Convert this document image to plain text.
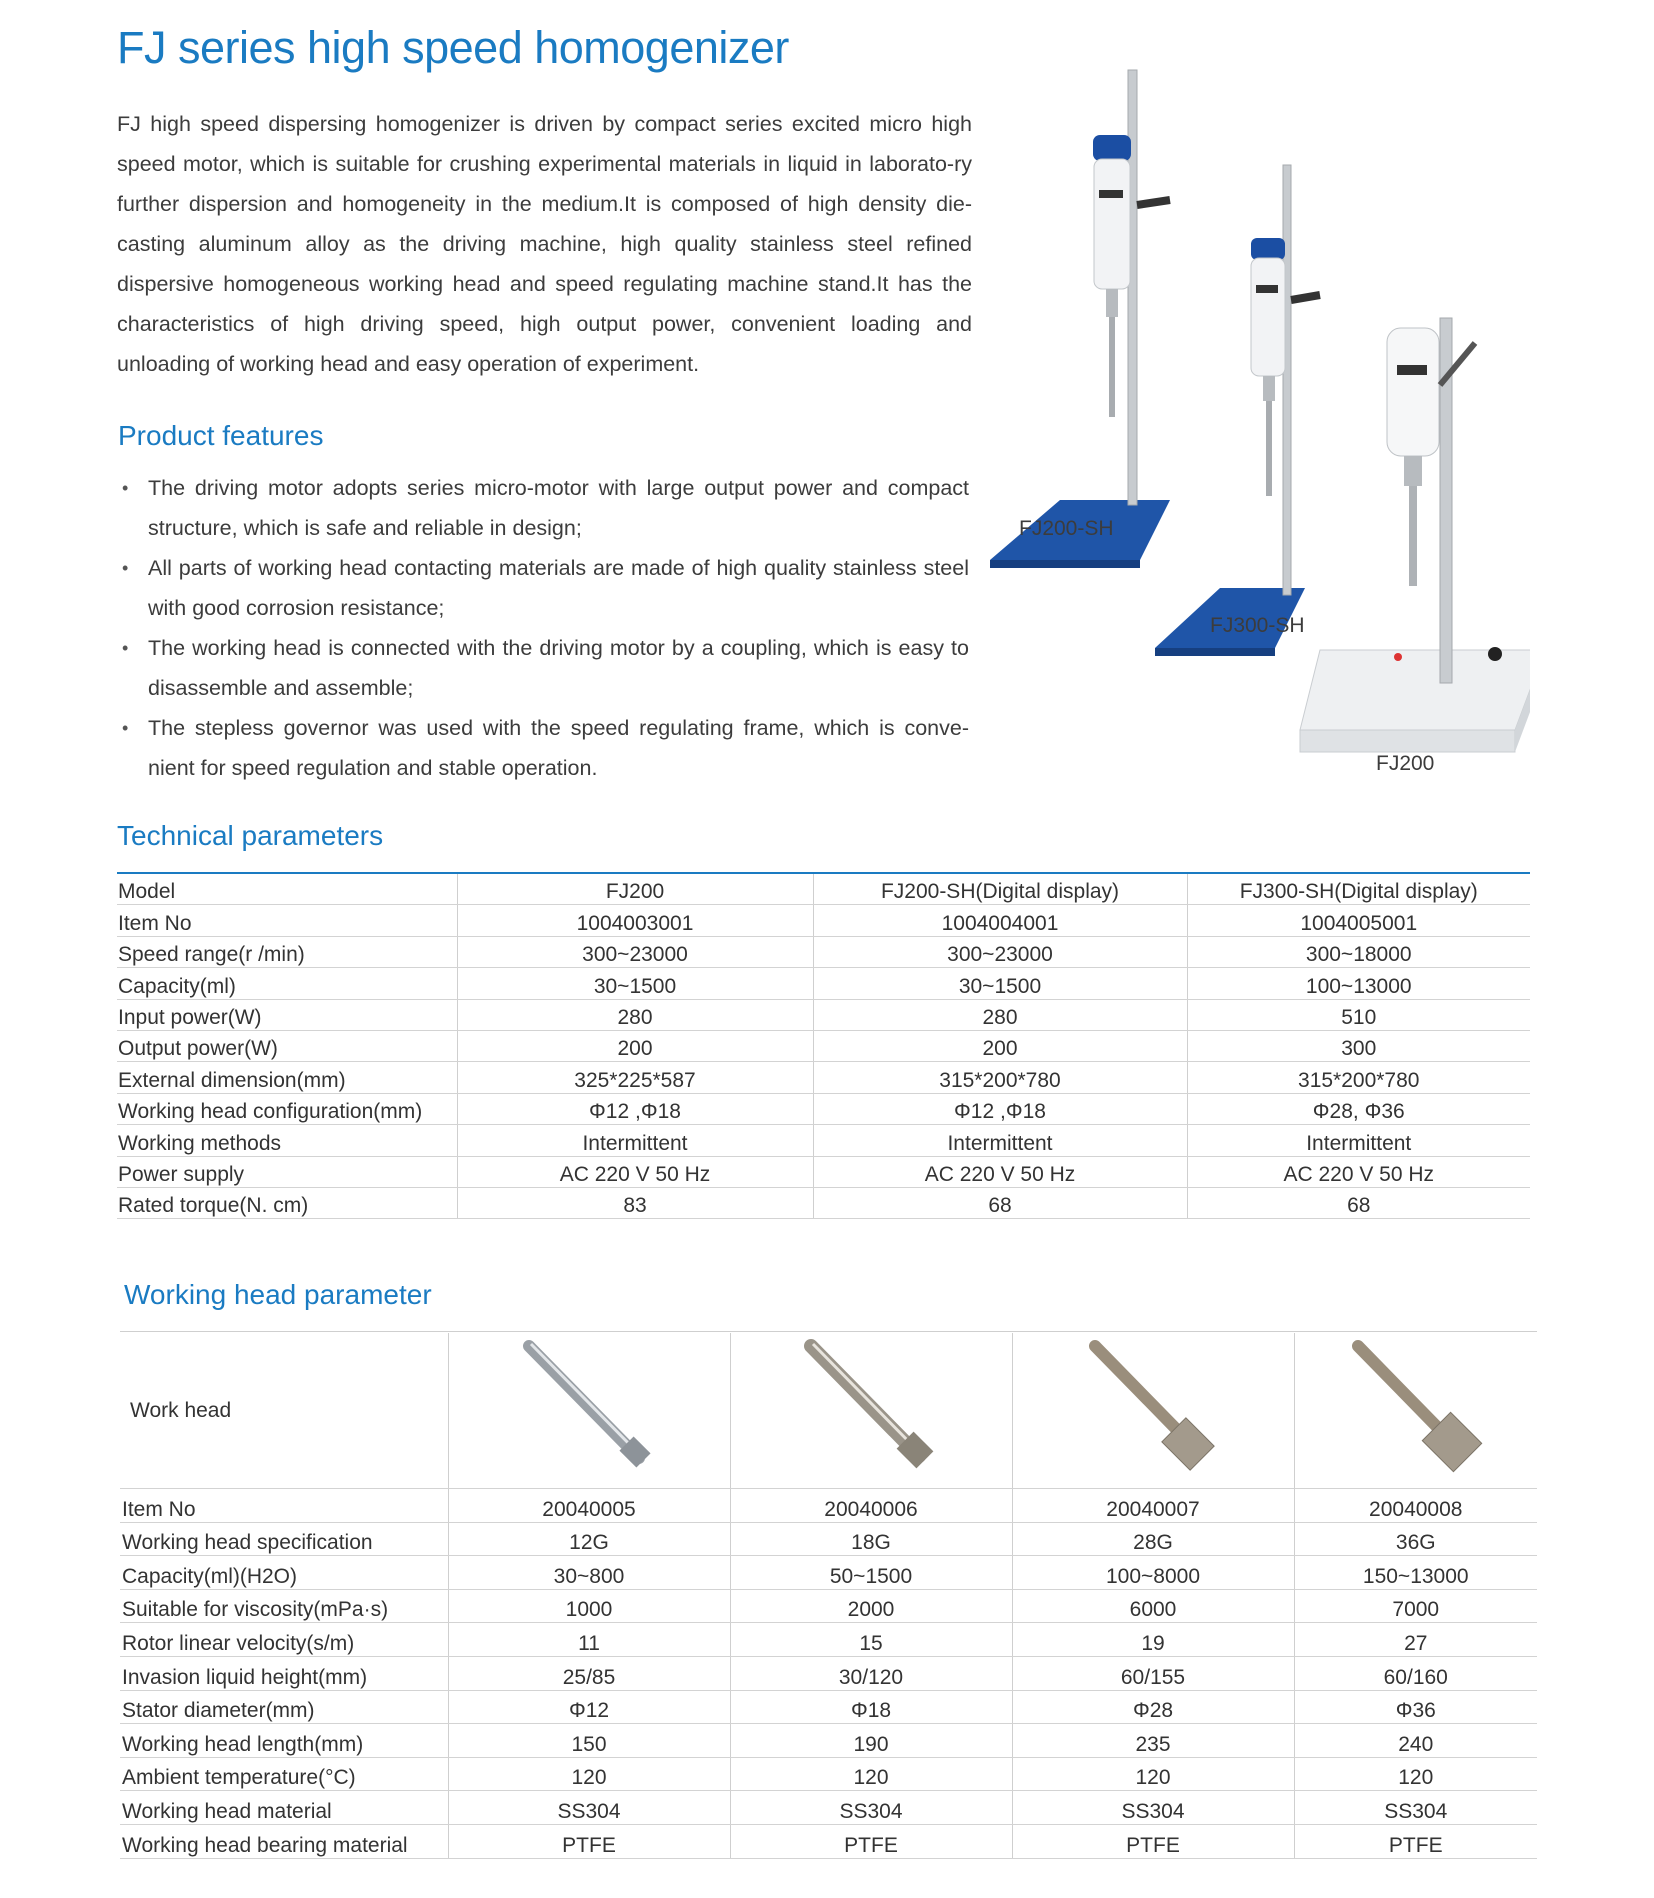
FJ series high speed homogenizer
FJ high speed dispersing homogenizer is driven by compact series excited micro high speed motor, which is suitable for crushing experimental materials in liquid in laborato-ry further dispersion and homogeneity in the medium.It is composed of high density die-casting aluminum alloy as the driving machine, high quality stainless steel refined dispersive homogeneous working head and speed regulating machine stand.It has the characteristics of high driving speed, high output power, convenient loading and unloading of working head and easy operation of experiment.
Product features
• The driving motor adopts series micro-motor with large output power and compact structure, which is safe and reliable in design;
• All parts of working head contacting materials are made of high quality stainless steel with good corrosion resistance;
• The working head is connected with the driving motor by a coupling, which is easy to disassemble and assemble;
• The stepless governor was used with the speed regulating frame, which is conve-nient for speed regulation and stable operation.
FJ200-SH
FJ300-SH
FJ200
Technical parameters
Model	FJ200	FJ200-SH(Digital display)	FJ300-SH(Digital display)
Item No	1004003001	1004004001	1004005001
Speed range(r /min)	300~23000	300~23000	300~18000
Capacity(ml)	30~1500	30~1500	100~13000
Input power(W)	280	280	510
Output power(W)	200	200	300
External dimension(mm)	325*225*587	315*200*780	315*200*780
Working head configuration(mm)	Φ12 ,Φ18	Φ12 ,Φ18	Φ28, Φ36
Working methods	Intermittent	Intermittent	Intermittent
Power supply	AC 220 V 50 Hz	AC 220 V 50 Hz	AC 220 V 50 Hz
Rated torque(N. cm)	83	68	68
Working head parameter
Work head				
Item No	20040005	20040006	20040007	20040008
Working head specification	12G	18G	28G	36G
Capacity(ml)(H2O)	30~800	50~1500	100~8000	150~13000
Suitable for viscosity(mPa·s)	1000	2000	6000	7000
Rotor linear velocity(s/m)	11	15	19	27
Invasion liquid height(mm)	25/85	30/120	60/155	60/160
Stator diameter(mm)	Φ12	Φ18	Φ28	Φ36
Working head length(mm)	150	190	235	240
Ambient temperature(°C)	120	120	120	120
Working head material	SS304	SS304	SS304	SS304
Working head bearing material	PTFE	PTFE	PTFE	PTFE
